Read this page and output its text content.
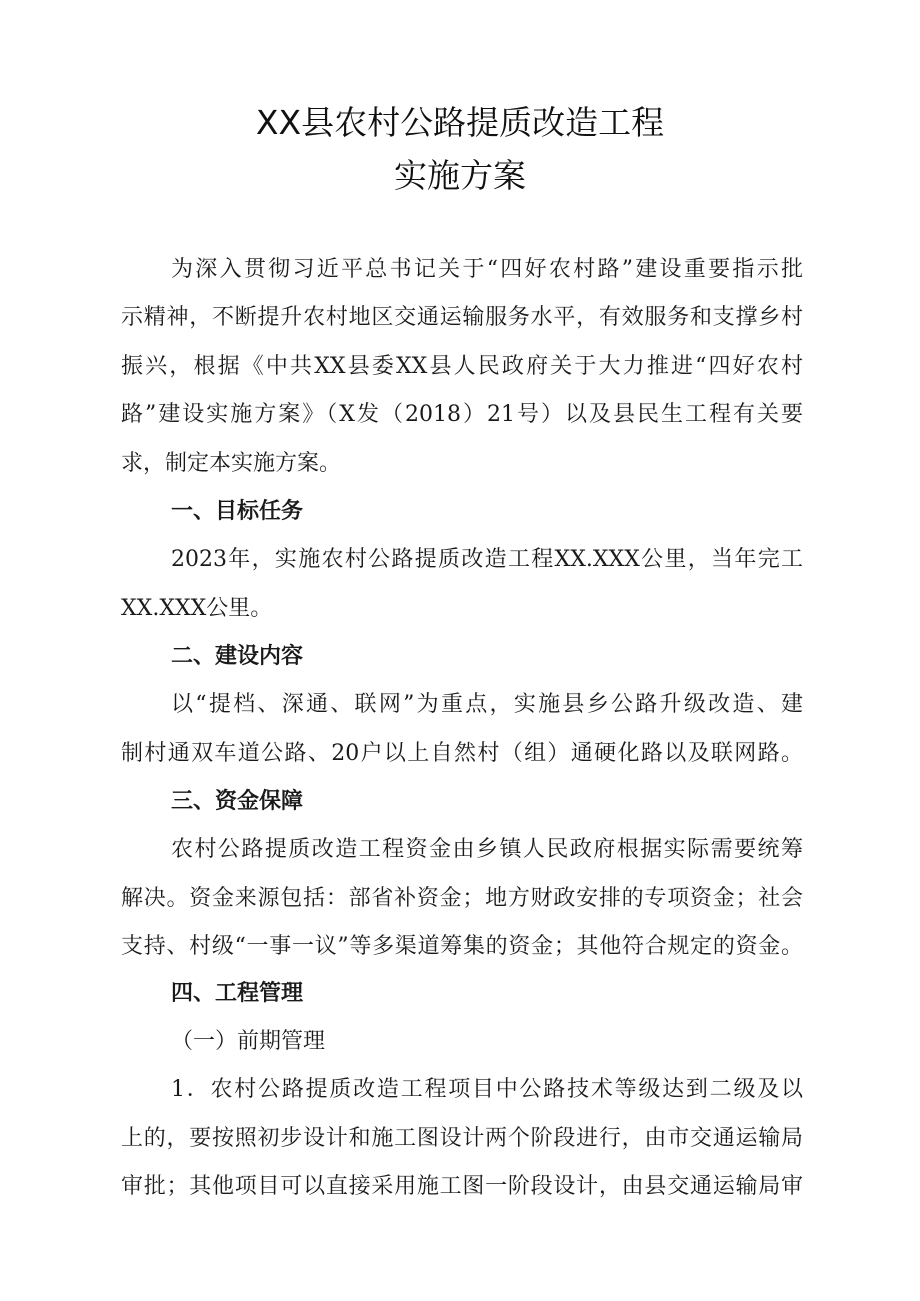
XX县农村公路提质改造工程
实施方案
为深入贯彻习近平总书记关于“四好农村路”建设重要指示批
示精神，不断提升农村地区交通运输服务水平，有效服务和支撑乡村
振兴，根据《中共XX县委XX县人民政府关于大力推进“四好农村
路”建设实施方案》（X发（2018）21号）以及县民生工程有关要
求，制定本实施方案。
一、目标任务
2023年，实施农村公路提质改造工程XX.XXX公里，当年完工
XX.XXX公里。
二、建设内容
以“提档、深通、联网”为重点，实施县乡公路升级改造、建
制村通双车道公路、20户以上自然村（组）通硬化路以及联网路。
三、资金保障
农村公路提质改造工程资金由乡镇人民政府根据实际需要统筹
解决。资金来源包括：部省补资金；地方财政安排的专项资金；社会
支持、村级“一事一议”等多渠道筹集的资金；其他符合规定的资金。
四、工程管理
（一）前期管理
1．农村公路提质改造工程项目中公路技术等级达到二级及以
上的，要按照初步设计和施工图设计两个阶段进行，由市交通运输局
审批；其他项目可以直接采用施工图一阶段设计，由县交通运输局审
